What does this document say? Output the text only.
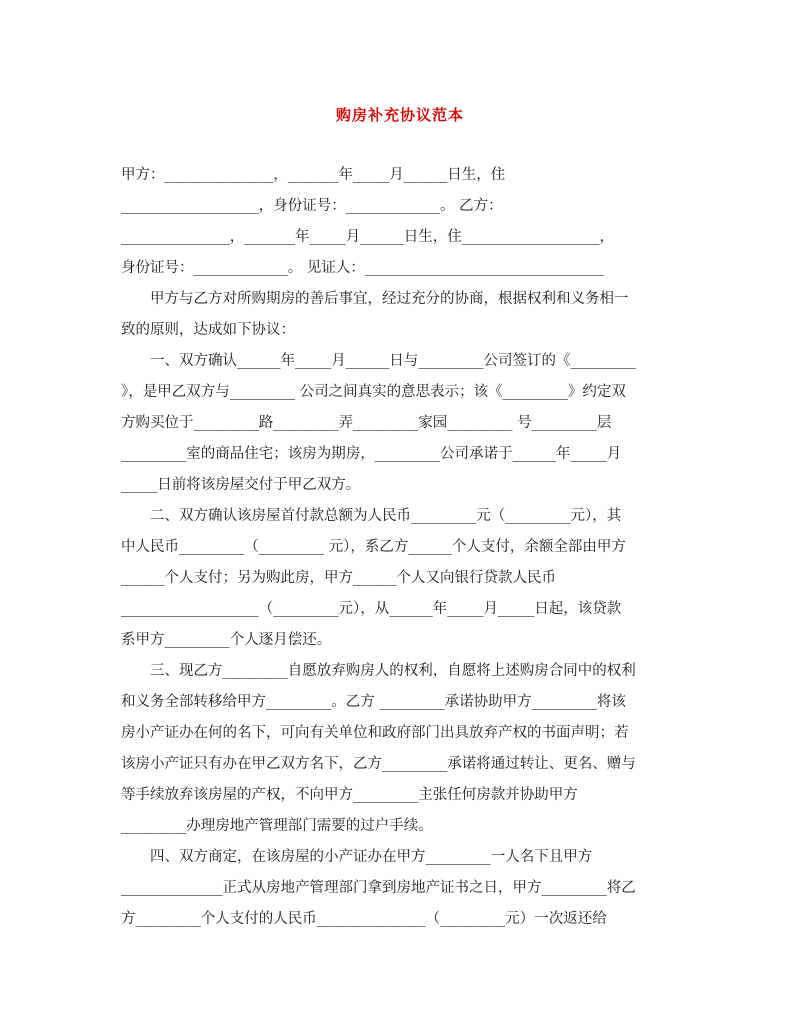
购房补充协议范本
甲方：_______________，_______年_____月______日生，住
___________________，身份证号：_____________。 乙方：
_______________，_______年_____月______日生，住___________________，
身份证号：_____________。 见证人：_________________________________
甲方与乙方对所购期房的善后事宜，经过充分的协商，根据权利和义务相一
致的原则，达成如下协议：
一、双方确认______年_____月______日与_________公司签订的《_________
》，是甲乙双方与_________ 公司之间真实的意思表示；该《_________》约定双
方购买位于_________路_________弄_________家园_________ 号_________层
_________室的商品住宅；该房为期房，_________公司承诺于______年_____月
_____日前将该房屋交付于甲乙双方。
二、双方确认该房屋首付款总额为人民币_________元（_________元），其
中人民币_________（_________ 元），系乙方______个人支付，余额全部由甲方
______个人支付；另为购此房，甲方______个人又向银行贷款人民币
___________________（_________元），从______年_____月_____日起，该贷款
系甲方_________个人逐月偿还。
三、现乙方_________自愿放弃购房人的权利，自愿将上述购房合同中的权利
和义务全部转移给甲方_________。乙方 _________承诺协助甲方_________将该
房小产证办在何的名下，可向有关单位和政府部门出具放弃产权的书面声明；若
该房小产证只有办在甲乙双方名下，乙方_________承诺将通过转让、更名、赠与
等手续放弃该房屋的产权，不向甲方_________主张任何房款并协助甲方
_________办理房地产管理部门需要的过户手续。
四、双方商定，在该房屋的小产证办在甲方_________一人名下且甲方
______________正式从房地产管理部门拿到房地产证书之日，甲方_________将乙
方_________个人支付的人民币_______________（_________元）一次返还给
